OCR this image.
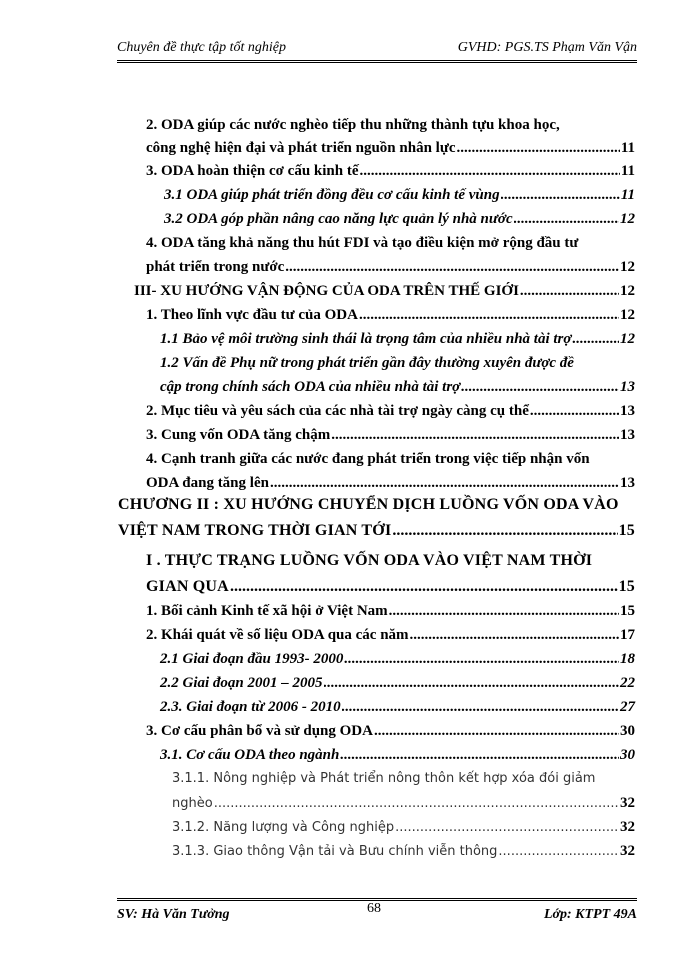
Chuyên đề thực tập tốt nghiệp	GVHD: PGS.TS Phạm Văn Vận
2. ODA giúp các nước nghèo tiếp thu những thành tựu khoa học,
công nghệ hiện đại và phát triển nguồn nhân lực .....	11
3. ODA hoàn thiện cơ cấu kinh tế .....	11
3.1 ODA giúp phát triển đồng đều cơ cấu kinh tế vùng .....	11
3.2 ODA góp phần nâng cao năng lực quản lý nhà nước .....	12
4. ODA tăng khả năng thu hút FDI và tạo điều kiện mở rộng đầu tư
phát triển trong nước .....	12
III- XU HƯỚNG VẬN ĐỘNG CỦA ODA TRÊN THẾ GIỚI .....	12
1. Theo lĩnh vực đầu tư của ODA .....	12
1.1 Bảo vệ môi trường sinh thái là trọng tâm của nhiều nhà tài trợ .....	12
1.2 Vấn đề Phụ nữ trong phát triển gần đây thường xuyên được đề
cập trong chính sách ODA của nhiều nhà tài trợ .....	13
2. Mục tiêu và yêu sách của các nhà tài trợ ngày càng cụ thể .....	13
3. Cung vốn ODA tăng chậm .....	13
4. Cạnh tranh giữa các nước đang phát triển trong việc tiếp nhận vốn
ODA đang tăng lên .....	13
CHƯƠNG II : XU HƯỚNG CHUYỂN DỊCH LUỒNG VỐN ODA VÀO
VIỆT NAM TRONG THỜI GIAN TỚI .....	15
I . THỰC TRẠNG LUỒNG VỐN ODA VÀO VIỆT NAM THỜI
GIAN QUA .....	15
1. Bối cảnh Kinh tế xã hội ở Việt Nam .....	15
2. Khái quát về số liệu ODA qua các năm .....	17
2.1 Giai đoạn đầu 1993- 2000 .....	18
2.2 Giai đoạn 2001 – 2005 .....	22
2.3. Giai đoạn từ 2006 - 2010 .....	27
3. Cơ cấu phân bổ và sử dụng ODA .....	30
3.1. Cơ cấu ODA theo ngành .....	30
3.1.1. Nông nghiệp và Phát triển nông thôn kết hợp xóa đói giảm
nghèo .....	32
3.1.2. Năng lượng và Công nghiệp .....	32
3.1.3. Giao thông Vận tải và Bưu chính viễn thông .....	32
SV: Hà Văn Tưởng	68	Lớp: KTPT 49A
